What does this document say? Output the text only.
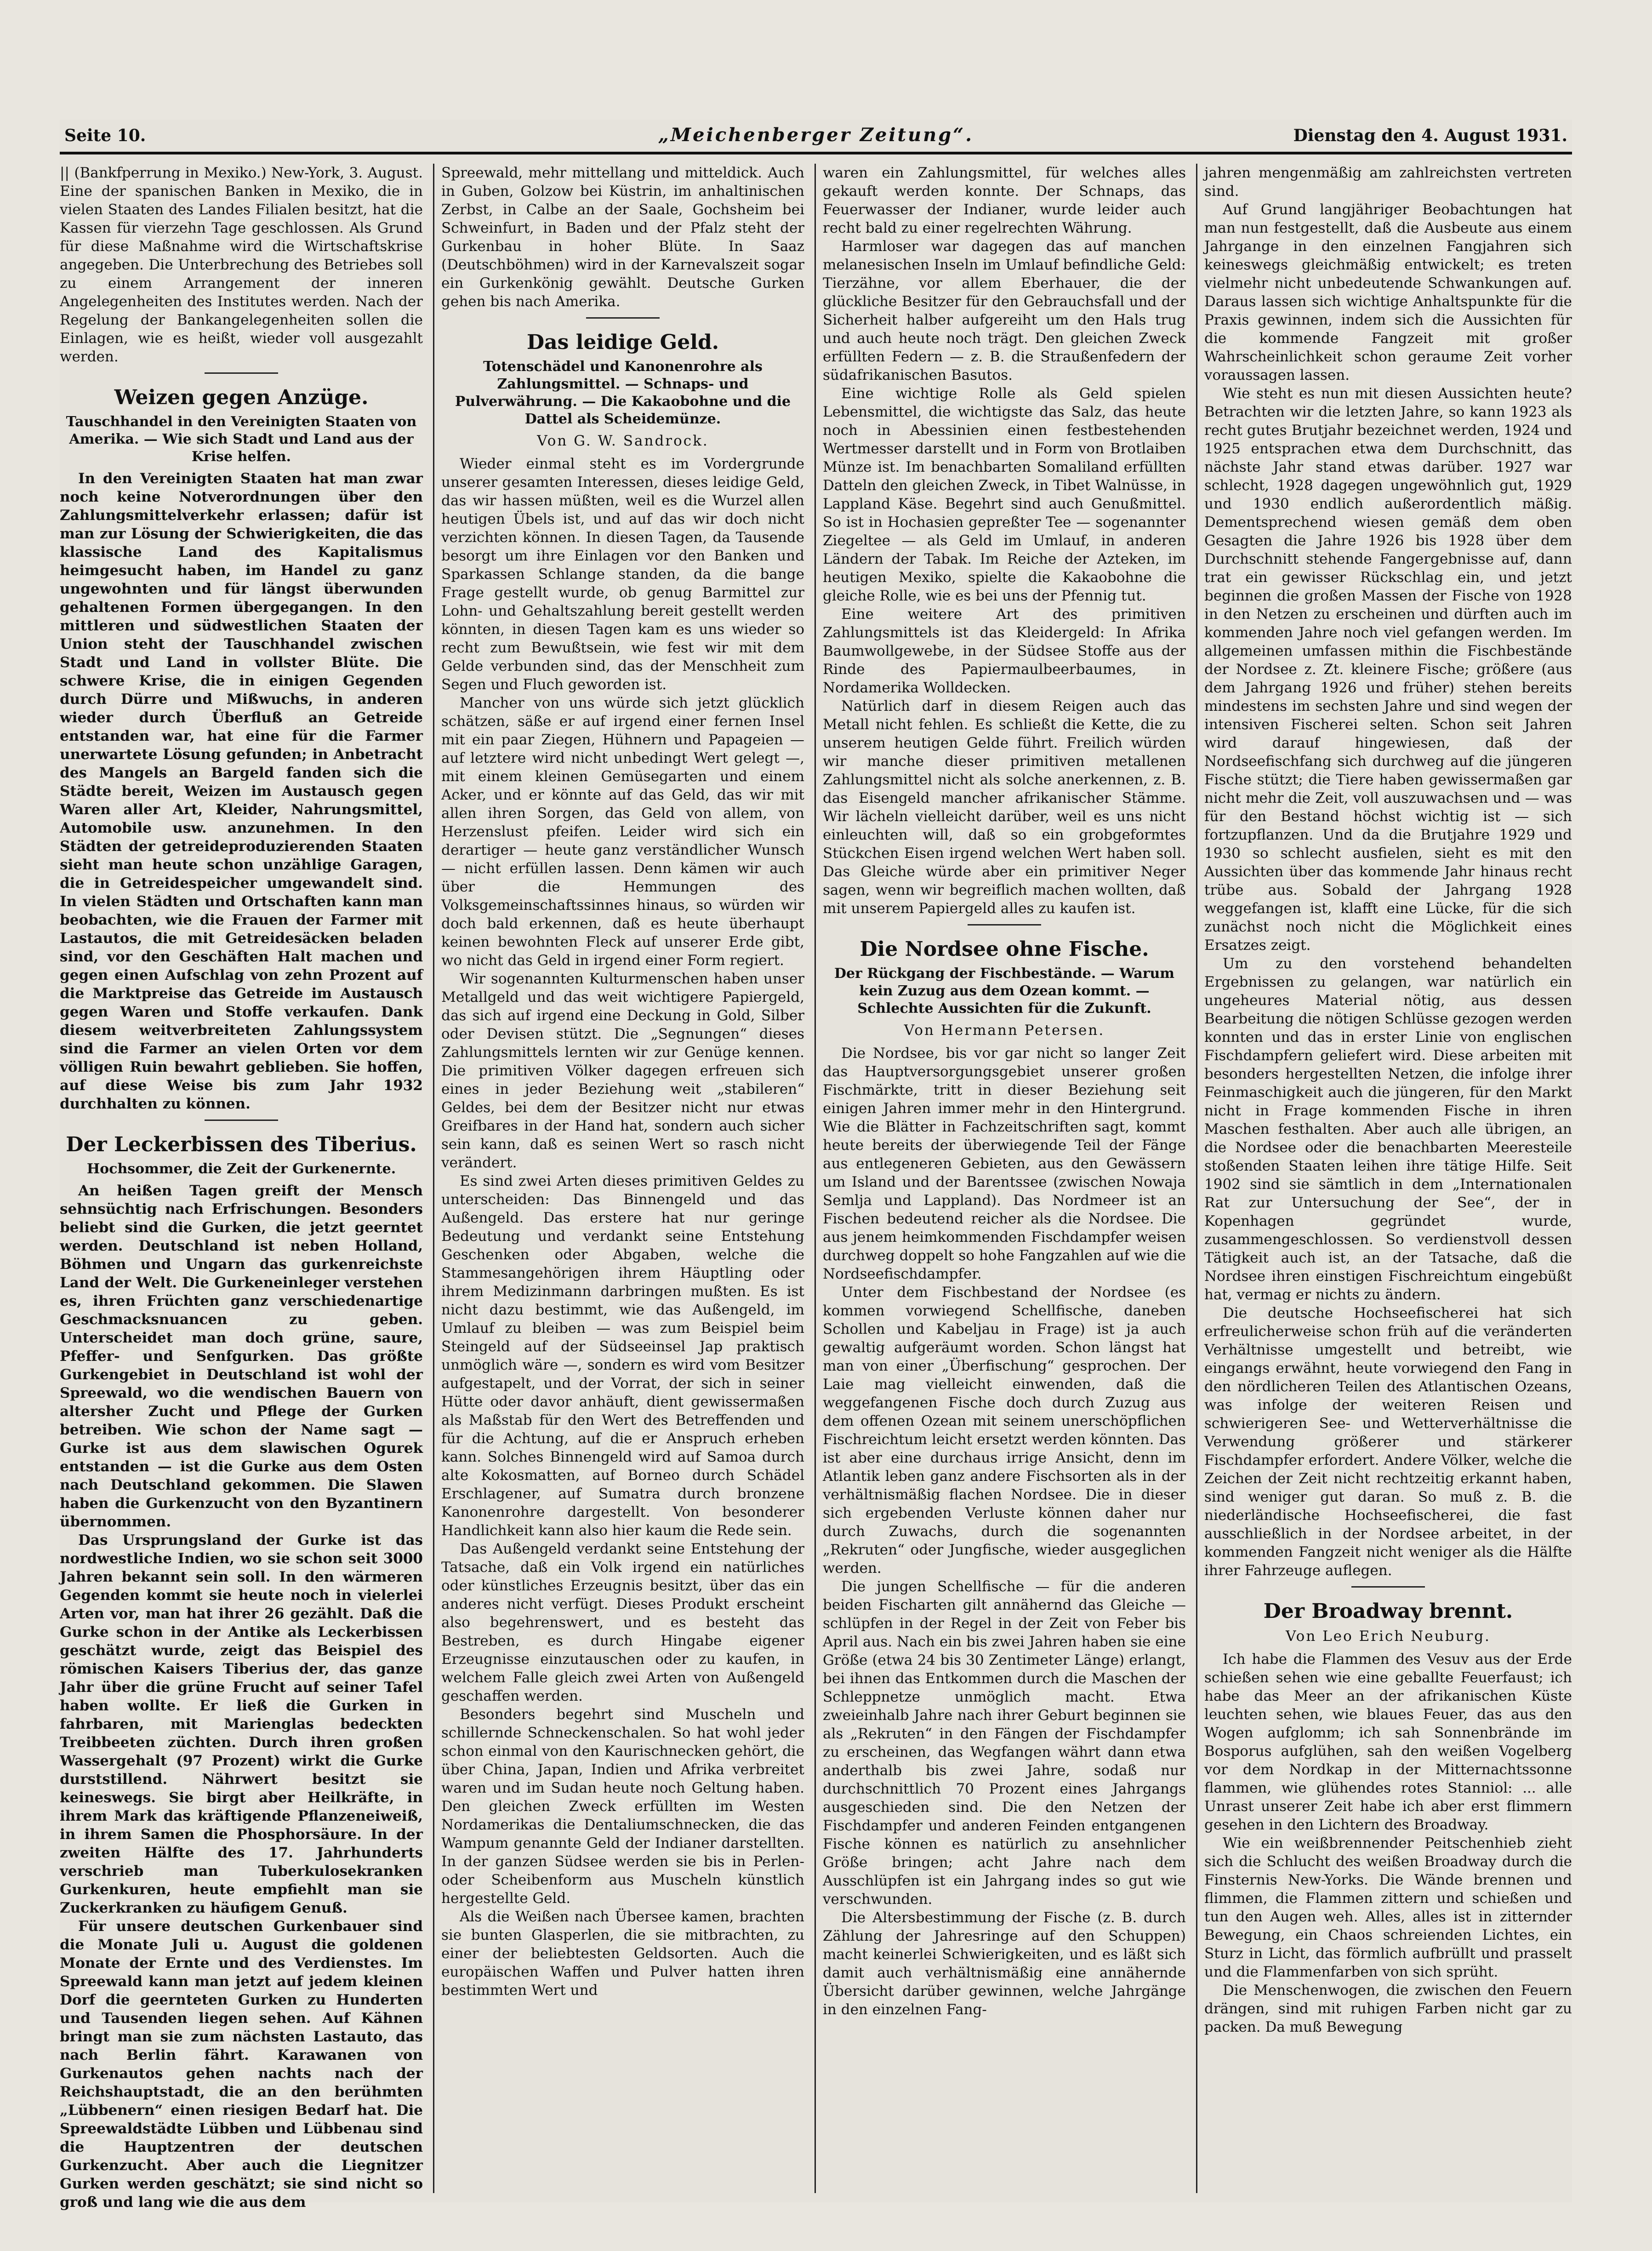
Seite 10.	„Meichenberger Zeitung“.	Dienstag den 4. August 1931.

|| (Bankfperrung in Mexiko.) New-York, 3. August. Eine der spanischen Banken in Mexiko, die in vielen Staaten des Landes Filialen besitzt, hat die Kassen für vierzehn Tage geschlossen. Als Grund für diese Maßnahme wird die Wirtschaftskrise angegeben. Die Unterbrechung des Betriebes soll zu einem Arrangement der inneren Angelegenheiten des Institutes werden. Nach der Regelung der Bankangelegenheiten sollen die Einlagen, wie es heißt, wieder voll ausgezahlt werden.

Weizen gegen Anzüge.
Tauschhandel in den Vereinigten Staaten von Amerika. — Wie sich Stadt und Land aus der Krise helfen.

In den Vereinigten Staaten hat man zwar noch keine Notverordnungen über den Zahlungsmittelverkehr erlassen; dafür ist man zur Lösung der Schwierigkeiten, die das klassische Land des Kapitalismus heimgesucht haben, im Handel zu ganz ungewohnten und für längst überwunden gehaltenen Formen übergegangen. In den mittleren und südwestlichen Staaten der Union steht der Tauschhandel zwischen Stadt und Land in vollster Blüte. Die schwere Krise, die in einigen Gegenden durch Dürre und Mißwuchs, in anderen wieder durch Überfluß an Getreide entstanden war, hat eine für die Farmer unerwartete Lösung gefunden; in Anbetracht des Mangels an Bargeld fanden sich die Städte bereit, Weizen im Austausch gegen Waren aller Art, Kleider, Nahrungsmittel, Automobile usw. anzunehmen. In den Städten der getreideproduzierenden Staaten sieht man heute schon unzählige Garagen, die in Getreidespeicher umgewandelt sind. In vielen Städten und Ortschaften kann man beobachten, wie die Frauen der Farmer mit Lastautos, die mit Getreidesäcken beladen sind, vor den Geschäften Halt machen und gegen einen Aufschlag von zehn Prozent auf die Marktpreise das Getreide im Austausch gegen Waren und Stoffe verkaufen. Dank diesem weitverbreiteten Zahlungssystem sind die Farmer an vielen Orten vor dem völligen Ruin bewahrt geblieben. Sie hoffen, auf diese Weise bis zum Jahr 1932 durchhalten zu können.

Der Leckerbissen des Tiberius.
Hochsommer, die Zeit der Gurkenernte.

An heißen Tagen greift der Mensch sehnsüchtig nach Erfrischungen. Besonders beliebt sind die Gurken, die jetzt geerntet werden. Deutschland ist neben Holland, Böhmen und Ungarn das gurkenreichste Land der Welt. Die Gurkeneinleger verstehen es, ihren Früchten ganz verschiedenartige Geschmacksnuancen zu geben. Unterscheidet man doch grüne, saure, Pfeffer- und Senfgurken. Das größte Gurkengebiet in Deutschland ist wohl der Spreewald, wo die wendischen Bauern von altersher Zucht und Pflege der Gurken betreiben. Wie schon der Name sagt — Gurke ist aus dem slawischen Ogurek entstanden — ist die Gurke aus dem Osten nach Deutschland gekommen. Die Slawen haben die Gurkenzucht von den Byzantinern übernommen.

Das Ursprungsland der Gurke ist das nordwestliche Indien, wo sie schon seit 3000 Jahren bekannt sein soll. In den wärmeren Gegenden kommt sie heute noch in vielerlei Arten vor, man hat ihrer 26 gezählt. Daß die Gurke schon in der Antike als Leckerbissen geschätzt wurde, zeigt das Beispiel des römischen Kaisers Tiberius der, das ganze Jahr über die grüne Frucht auf seiner Tafel haben wollte. Er ließ die Gurken in fahrbaren, mit Marienglas bedeckten Treibbeeten züchten. Durch ihren großen Wassergehalt (97 Prozent) wirkt die Gurke durststillend. Nährwert besitzt sie keineswegs. Sie birgt aber Heilkräfte, in ihrem Mark das kräftigende Pflanzeneiweiß, in ihrem Samen die Phosphorsäure. In der zweiten Hälfte des 17. Jahrhunderts verschrieb man Tuberkulosekranken Gurkenkuren, heute empfiehlt man sie Zuckerkranken zu häufigem Genuß.

Für unsere deutschen Gurkenbauer sind die Monate Juli u. August die goldenen Monate der Ernte und des Verdienstes. Im Spreewald kann man jetzt auf jedem kleinen Dorf die geernteten Gurken zu Hunderten und Tausenden liegen sehen. Auf Kähnen bringt man sie zum nächsten Lastauto, das nach Berlin fährt. Karawanen von Gurkenautos gehen nachts nach der Reichshauptstadt, die an den berühmten „Lübbenern“ einen riesigen Bedarf hat. Die Spreewaldstädte Lübben und Lübbenau sind die Hauptzentren der deutschen Gurkenzucht. Aber auch die Liegnitzer Gurken werden geschätzt; sie sind nicht so groß und lang wie die aus dem

Spreewald, mehr mittellang und mitteldick. Auch in Guben, Golzow bei Küstrin, im anhaltinischen Zerbst, in Calbe an der Saale, Gochsheim bei Schweinfurt, in Baden und der Pfalz steht der Gurkenbau in hoher Blüte. In Saaz (Deutschböhmen) wird in der Karnevalszeit sogar ein Gurkenkönig gewählt. Deutsche Gurken gehen bis nach Amerika.

Das leidige Geld.
Totenschädel und Kanonenrohre als Zahlungsmittel. — Schnaps- und Pulverwährung. — Die Kakaobohne und die Dattel als Scheidemünze.
Von G. W. Sandrock.

Wieder einmal steht es im Vordergrunde unserer gesamten Interessen, dieses leidige Geld, das wir hassen müßten, weil es die Wurzel allen heutigen Übels ist, und auf das wir doch nicht verzichten können. In diesen Tagen, da Tausende besorgt um ihre Einlagen vor den Banken und Sparkassen Schlange standen, da die bange Frage gestellt wurde, ob genug Barmittel zur Lohn- und Gehaltszahlung bereit gestellt werden könnten, in diesen Tagen kam es uns wieder so recht zum Bewußtsein, wie fest wir mit dem Gelde verbunden sind, das der Menschheit zum Segen und Fluch geworden ist.

Mancher von uns würde sich jetzt glücklich schätzen, säße er auf irgend einer fernen Insel mit ein paar Ziegen, Hühnern und Papageien — auf letztere wird nicht unbedingt Wert gelegt —, mit einem kleinen Gemüsegarten und einem Acker, und er könnte auf das Geld, das wir mit allen ihren Sorgen, das Geld von allem, von Herzenslust pfeifen. Leider wird sich ein derartiger — heute ganz verständlicher Wunsch — nicht erfüllen lassen. Denn kämen wir auch über die Hemmungen des Volksgemeinschaftssinnes hinaus, so würden wir doch bald erkennen, daß es heute überhaupt keinen bewohnten Fleck auf unserer Erde gibt, wo nicht das Geld in irgend einer Form regiert.

Wir sogenannten Kulturmenschen haben unser Metallgeld und das weit wichtigere Papiergeld, das sich auf irgend eine Deckung in Gold, Silber oder Devisen stützt. Die „Segnungen“ dieses Zahlungsmittels lernten wir zur Genüge kennen. Die primitiven Völker dagegen erfreuen sich eines in jeder Beziehung weit „stabileren“ Geldes, bei dem der Besitzer nicht nur etwas Greifbares in der Hand hat, sondern auch sicher sein kann, daß es seinen Wert so rasch nicht verändert.

Es sind zwei Arten dieses primitiven Geldes zu unterscheiden: Das Binnengeld und das Außengeld. Das erstere hat nur geringe Bedeutung und verdankt seine Entstehung Geschenken oder Abgaben, welche die Stammesangehörigen ihrem Häuptling oder ihrem Medizinmann darbringen mußten. Es ist nicht dazu bestimmt, wie das Außengeld, im Umlauf zu bleiben — was zum Beispiel beim Steingeld auf der Südseeinsel Jap praktisch unmöglich wäre —, sondern es wird vom Besitzer aufgestapelt, und der Vorrat, der sich in seiner Hütte oder davor anhäuft, dient gewissermaßen als Maßstab für den Wert des Betreffenden und für die Achtung, auf die er Anspruch erheben kann. Solches Binnengeld wird auf Samoa durch alte Kokosmatten, auf Borneo durch Schädel Erschlagener, auf Sumatra durch bronzene Kanonenrohre dargestellt. Von besonderer Handlichkeit kann also hier kaum die Rede sein.

Das Außengeld verdankt seine Entstehung der Tatsache, daß ein Volk irgend ein natürliches oder künstliches Erzeugnis besitzt, über das ein anderes nicht verfügt. Dieses Produkt erscheint also begehrenswert, und es besteht das Bestreben, es durch Hingabe eigener Erzeugnisse einzutauschen oder zu kaufen, in welchem Falle gleich zwei Arten von Außengeld geschaffen werden.

Besonders begehrt sind Muscheln und schillernde Schneckenschalen. So hat wohl jeder schon einmal von den Kaurischnecken gehört, die über China, Japan, Indien und Afrika verbreitet waren und im Sudan heute noch Geltung haben. Den gleichen Zweck erfüllten im Westen Nordamerikas die Dentaliumschnecken, die das Wampum genannte Geld der Indianer darstellten. In der ganzen Südsee werden sie bis in Perlen- oder Scheibenform aus Muscheln künstlich hergestellte Geld.

Als die Weißen nach Übersee kamen, brachten sie bunten Glasperlen, die sie mitbrachten, zu einer der beliebtesten Geldsorten. Auch die europäischen Waffen und Pulver hatten ihren bestimmten Wert und

waren ein Zahlungsmittel, für welches alles gekauft werden konnte. Der Schnaps, das Feuerwasser der Indianer, wurde leider auch recht bald zu einer regelrechten Währung.

Harmloser war dagegen das auf manchen melanesischen Inseln im Umlauf befindliche Geld: Tierzähne, vor allem Eberhauer, die der glückliche Besitzer für den Gebrauchsfall und der Sicherheit halber aufgereiht um den Hals trug und auch heute noch trägt. Den gleichen Zweck erfüllten Federn — z. B. die Straußenfedern der südafrikanischen Basutos.

Eine wichtige Rolle als Geld spielen Lebensmittel, die wichtigste das Salz, das heute noch in Abessinien einen festbestehenden Wertmesser darstellt und in Form von Brotlaiben Münze ist. Im benachbarten Somaliland erfüllten Datteln den gleichen Zweck, in Tibet Walnüsse, in Lappland Käse. Begehrt sind auch Genußmittel. So ist in Hochasien gepreßter Tee — sogenannter Ziegeltee — als Geld im Umlauf, in anderen Ländern der Tabak. Im Reiche der Azteken, im heutigen Mexiko, spielte die Kakaobohne die gleiche Rolle, wie es bei uns der Pfennig tut.

Eine weitere Art des primitiven Zahlungsmittels ist das Kleidergeld: In Afrika Baumwollgewebe, in der Südsee Stoffe aus der Rinde des Papiermaulbeerbaumes, in Nordamerika Wolldecken.

Natürlich darf in diesem Reigen auch das Metall nicht fehlen. Es schließt die Kette, die zu unserem heutigen Gelde führt. Freilich würden wir manche dieser primitiven metallenen Zahlungsmittel nicht als solche anerkennen, z. B. das Eisengeld mancher afrikanischer Stämme. Wir lächeln vielleicht darüber, weil es uns nicht einleuchten will, daß so ein grobgeformtes Stückchen Eisen irgend welchen Wert haben soll. Das Gleiche würde aber ein primitiver Neger sagen, wenn wir begreiflich machen wollten, daß mit unserem Papiergeld alles zu kaufen ist.

Die Nordsee ohne Fische.
Der Rückgang der Fischbestände. — Warum kein Zuzug aus dem Ozean kommt. — Schlechte Aussichten für die Zukunft.
Von Hermann Petersen.

Die Nordsee, bis vor gar nicht so langer Zeit das Hauptversorgungsgebiet unserer großen Fischmärkte, tritt in dieser Beziehung seit einigen Jahren immer mehr in den Hintergrund. Wie die Blätter in Fachzeitschriften sagt, kommt heute bereits der überwiegende Teil der Fänge aus entlegeneren Gebieten, aus den Gewässern um Island und der Barentssee (zwischen Nowaja Semlja und Lappland). Das Nordmeer ist an Fischen bedeutend reicher als die Nordsee. Die aus jenem heimkommenden Fischdampfer weisen durchweg doppelt so hohe Fangzahlen auf wie die Nordseefischdampfer.

Unter dem Fischbestand der Nordsee (es kommen vorwiegend Schellfische, daneben Schollen und Kabeljau in Frage) ist ja auch gewaltig aufgeräumt worden. Schon längst hat man von einer „Überfischung“ gesprochen. Der Laie mag vielleicht einwenden, daß die weggefangenen Fische doch durch Zuzug aus dem offenen Ozean mit seinem unerschöpflichen Fischreichtum leicht ersetzt werden könnten. Das ist aber eine durchaus irrige Ansicht, denn im Atlantik leben ganz andere Fischsorten als in der verhältnismäßig flachen Nordsee. Die in dieser sich ergebenden Verluste können daher nur durch Zuwachs, durch die sogenannten „Rekruten“ oder Jungfische, wieder ausgeglichen werden.

Die jungen Schellfische — für die anderen beiden Fischarten gilt annähernd das Gleiche — schlüpfen in der Regel in der Zeit von Feber bis April aus. Nach ein bis zwei Jahren haben sie eine Größe (etwa 24 bis 30 Zentimeter Länge) erlangt, bei ihnen das Entkommen durch die Maschen der Schleppnetze unmöglich macht. Etwa zweieinhalb Jahre nach ihrer Geburt beginnen sie als „Rekruten“ in den Fängen der Fischdampfer zu erscheinen, das Wegfangen währt dann etwa anderthalb bis zwei Jahre, sodaß nur durchschnittlich 70 Prozent eines Jahrgangs ausgeschieden sind. Die den Netzen der Fischdampfer und anderen Feinden entgangenen Fische können es natürlich zu ansehnlicher Größe bringen; acht Jahre nach dem Ausschlüpfen ist ein Jahrgang indes so gut wie verschwunden.

Die Altersbestimmung der Fische (z. B. durch Zählung der Jahresringe auf den Schuppen) macht keinerlei Schwierigkeiten, und es läßt sich damit auch verhältnismäßig eine annähernde Übersicht darüber gewinnen, welche Jahrgänge in den einzelnen Fang-

jahren mengenmäßig am zahlreichsten vertreten sind.

Auf Grund langjähriger Beobachtungen hat man nun festgestellt, daß die Ausbeute aus einem Jahrgange in den einzelnen Fangjahren sich keineswegs gleichmäßig entwickelt; es treten vielmehr nicht unbedeutende Schwankungen auf. Daraus lassen sich wichtige Anhaltspunkte für die Praxis gewinnen, indem sich die Aussichten für die kommende Fangzeit mit großer Wahrscheinlichkeit schon geraume Zeit vorher voraussagen lassen.

Wie steht es nun mit diesen Aussichten heute? Betrachten wir die letzten Jahre, so kann 1923 als recht gutes Brutjahr bezeichnet werden, 1924 und 1925 entsprachen etwa dem Durchschnitt, das nächste Jahr stand etwas darüber. 1927 war schlecht, 1928 dagegen ungewöhnlich gut, 1929 und 1930 endlich außerordentlich mäßig. Dementsprechend wiesen gemäß dem oben Gesagten die Jahre 1926 bis 1928 über dem Durchschnitt stehende Fangergebnisse auf, dann trat ein gewisser Rückschlag ein, und jetzt beginnen die großen Massen der Fische von 1928 in den Netzen zu erscheinen und dürften auch im kommenden Jahre noch viel gefangen werden. Im allgemeinen umfassen mithin die Fischbestände der Nordsee z. Zt. kleinere Fische; größere (aus dem Jahrgang 1926 und früher) stehen bereits mindestens im sechsten Jahre und sind wegen der intensiven Fischerei selten. Schon seit Jahren wird darauf hingewiesen, daß der Nordseefischfang sich durchweg auf die jüngeren Fische stützt; die Tiere haben gewissermaßen gar nicht mehr die Zeit, voll auszuwachsen und — was für den Bestand höchst wichtig ist — sich fortzupflanzen. Und da die Brutjahre 1929 und 1930 so schlecht ausfielen, sieht es mit den Aussichten über das kommende Jahr hinaus recht trübe aus. Sobald der Jahrgang 1928 weggefangen ist, klafft eine Lücke, für die sich zunächst noch nicht die Möglichkeit eines Ersatzes zeigt.

Um zu den vorstehend behandelten Ergebnissen zu gelangen, war natürlich ein ungeheures Material nötig, aus dessen Bearbeitung die nötigen Schlüsse gezogen werden konnten und das in erster Linie von englischen Fischdampfern geliefert wird. Diese arbeiten mit besonders hergestellten Netzen, die infolge ihrer Feinmaschigkeit auch die jüngeren, für den Markt nicht in Frage kommenden Fische in ihren Maschen festhalten. Aber auch alle übrigen, an die Nordsee oder die benachbarten Meeresteile stoßenden Staaten leihen ihre tätige Hilfe. Seit 1902 sind sie sämtlich in dem „Internationalen Rat zur Untersuchung der See“, der in Kopenhagen gegründet wurde, zusammengeschlossen. So verdienstvoll dessen Tätigkeit auch ist, an der Tatsache, daß die Nordsee ihren einstigen Fischreichtum eingebüßt hat, vermag er nichts zu ändern.

Die deutsche Hochseefischerei hat sich erfreulicherweise schon früh auf die veränderten Verhältnisse umgestellt und betreibt, wie eingangs erwähnt, heute vorwiegend den Fang in den nördlicheren Teilen des Atlantischen Ozeans, was infolge der weiteren Reisen und schwierigeren See- und Wetterverhältnisse die Verwendung größerer und stärkerer Fischdampfer erfordert. Andere Völker, welche die Zeichen der Zeit nicht rechtzeitig erkannt haben, sind weniger gut daran. So muß z. B. die niederländische Hochseefischerei, die fast ausschließlich in der Nordsee arbeitet, in der kommenden Fangzeit nicht weniger als die Hälfte ihrer Fahrzeuge auflegen.

Der Broadway brennt.
Von Leo Erich Neuburg.

Ich habe die Flammen des Vesuv aus der Erde schießen sehen wie eine geballte Feuerfaust; ich habe das Meer an der afrikanischen Küste leuchten sehen, wie blaues Feuer, das aus den Wogen aufglomm; ich sah Sonnenbrände im Bosporus aufglühen, sah den weißen Vogelberg vor dem Nordkap in der Mitternachtssonne flammen, wie glühendes rotes Stanniol: ... alle Unrast unserer Zeit habe ich aber erst flimmern gesehen in den Lichtern des Broadway.

Wie ein weißbrennender Peitschenhieb zieht sich die Schlucht des weißen Broadway durch die Finsternis New-Yorks. Die Wände brennen und flimmen, die Flammen zittern und schießen und tun den Augen weh. Alles, alles ist in zitternder Bewegung, ein Chaos schreienden Lichtes, ein Sturz in Licht, das förmlich aufbrüllt und prasselt und die Flammenfarben von sich sprüht.

Die Menschenwogen, die zwischen den Feuern drängen, sind mit ruhigen Farben nicht gar zu packen. Da muß Bewegung
